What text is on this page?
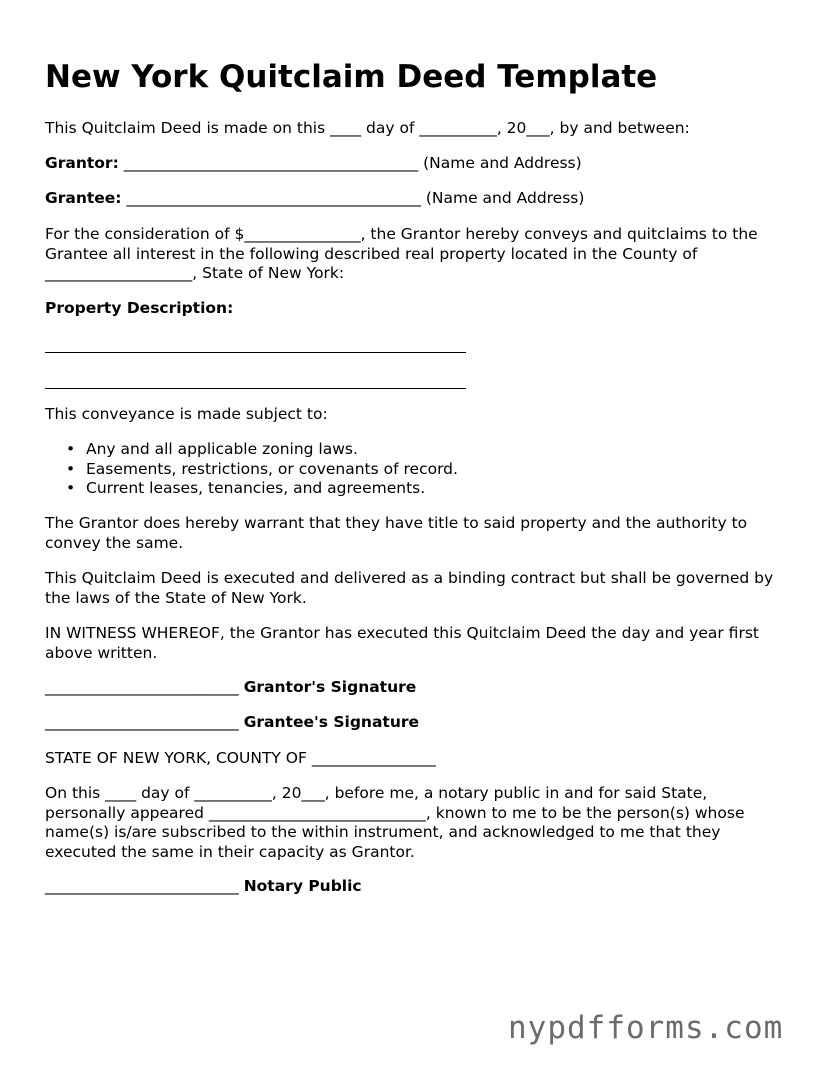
New York Quitclaim Deed Template

This Quitclaim Deed is made on this ____ day of __________, 20___, by and between:

Grantor: ______________________________________ (Name and Address)

Grantee: ______________________________________ (Name and Address)

For the consideration of $_______________, the Grantor hereby conveys and quitclaims to the Grantee all interest in the following described real property located in the County of ___________________, State of New York:

Property Description:

This conveyance is made subject to:

• Any and all applicable zoning laws.
• Easements, restrictions, or covenants of record.
• Current leases, tenancies, and agreements.

The Grantor does hereby warrant that they have title to said property and the authority to convey the same.

This Quitclaim Deed is executed and delivered as a binding contract but shall be governed by the laws of the State of New York.

IN WITNESS WHEREOF, the Grantor has executed this Quitclaim Deed the day and year first above written.

_________________________ Grantor's Signature

_________________________ Grantee's Signature

STATE OF NEW YORK, COUNTY OF ________________

On this ____ day of __________, 20___, before me, a notary public in and for said State, personally appeared ____________________________, known to me to be the person(s) whose name(s) is/are subscribed to the within instrument, and acknowledged to me that they executed the same in their capacity as Grantor.

_________________________ Notary Public

nypdfforms.com
